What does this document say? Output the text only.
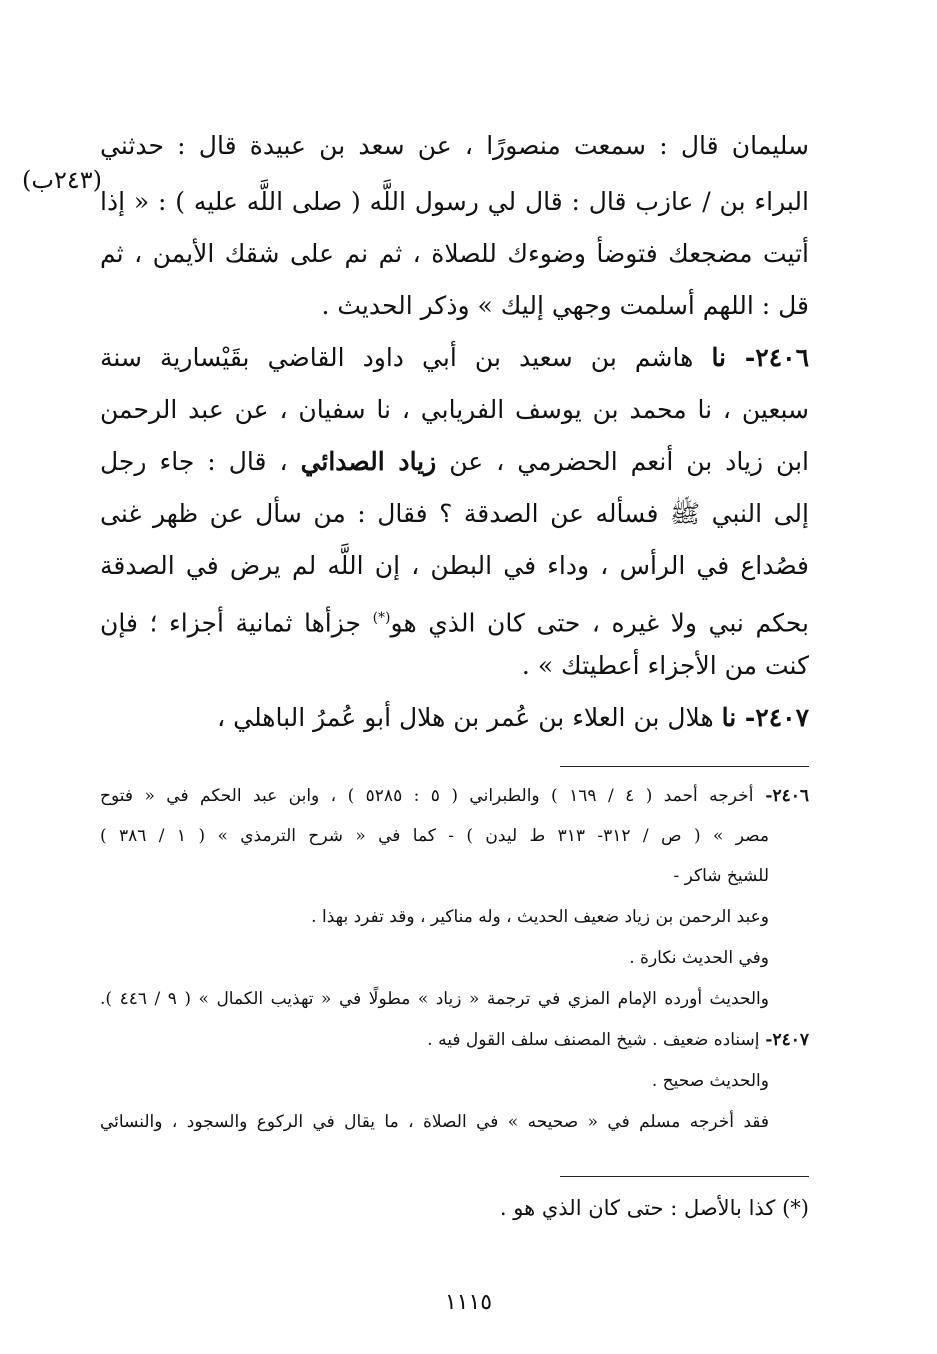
سليمان قال : سمعت منصورًا ، عن سعد بن عبيدة قال : حدثني
البراء بن / عازب قال : قال لي رسول اللَّه ( صلى اللَّه عليه ) : « إذا
أتيت مضجعك فتوضأ وضوءك للصلاة ، ثم نم على شقك الأيمن ، ثم
قل : اللهم أسلمت وجهي إليك » وذكر الحديث .
٢٤٠٦- نا هاشم بن سعيد بن أبي داود القاضي بقَيْسارية سنة
سبعين ، نا محمد بن يوسف الفريابي ، نا سفيان ، عن عبد الرحمن
ابن زياد بن أنعم الحضرمي ، عن زياد الصدائي ، قال : جاء رجل
إلى النبي ﷺ فسأله عن الصدقة ؟ فقال : من سأل عن ظهر غنى
فصُداع في الرأس ، وداء في البطن ، إن اللَّه لم يرض في الصدقة
بحكم نبي ولا غيره ، حتى كان الذي هو(*) جزأها ثمانية أجزاء ؛ فإن
كنت من الأجزاء أعطيتك » .
٢٤٠٧- نا هلال بن العلاء بن عُمر بن هلال أبو عُمرُ الباهلي ،
(٢٤٣ب)
٢٤٠٦- أخرجه أحمد ( ٤ / ١٦٩ ) والطبراني ( ٥ : ٥٢٨٥ ) ، وابن عبد الحكم في « فتوح
مصر » ( ص / ٣١٢- ٣١٣ ط ليدن ) - كما في « شرح الترمذي » ( ١ / ٣٨٦ )
للشيخ شاكر -
وعبد الرحمن بن زياد ضعيف الحديث ، وله مناكير ، وقد تفرد بهذا .
وفي الحديث نكارة .
والحديث أورده الإمام المزي في ترجمة « زياد » مطولًا في « تهذيب الكمال » ( ٩ / ٤٤٦ ).
٢٤٠٧- إسناده ضعيف . شيخ المصنف سلف القول فيه .
والحديث صحيح .
فقد أخرجه مسلم في « صحيحه » في الصلاة ، ما يقال في الركوع والسجود ، والنسائي
(*) كذا بالأصل : حتى كان الذي هو .
١١١٥
